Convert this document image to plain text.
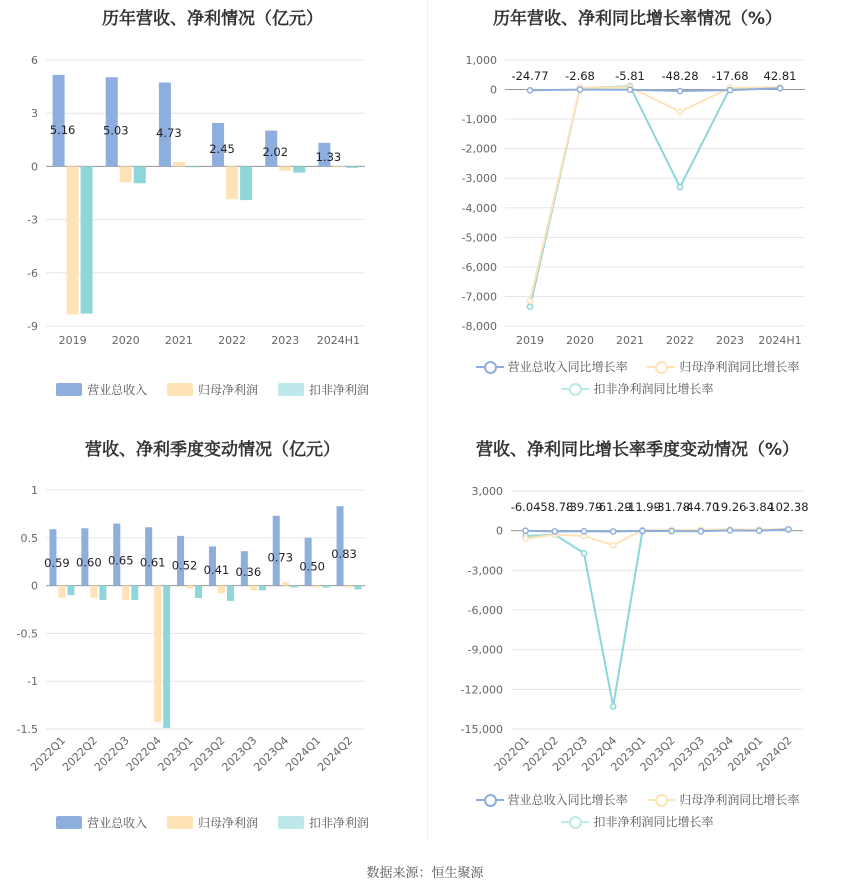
历年营收、净利情况（亿元）
6
3
0
-3
-6
-9
2019 2020 2021 2022 2023 2024H1
5.16 5.03 4.73
2.45 2.02 1.33
营业总收入	归母净利润	扣非净利润
历年营收、净利同比增长率情况（%）
1,000
0
-1,000
-2,000
-3,000
-4,000
-5,000
-6,000
-7,000
-8,000
2019 2020 2021 2022 2023 2024H1
-24.77 -2.68 -5.81 -48.28 -17.68 42.81
营业总收入同比增长率	归母净利润同比增长率

扣非净利润同比增长率
营收、净利季度变动情况（亿元）
1
0.5
0
-0.5
-1
-1.5
2022Q1
2022Q2
2022Q3
2022Q4
2023Q1
2023Q2
2023Q3
2023Q4
2024Q1
2024Q2
0.59 0.60 0.65 0.61 0.52 0.41 0.36
0.73
0.50
0.83
营业总收入	归母净利润	扣非净利润
营收、净利同比增长率季度变动情况（%）
3,000
0
-3,000
-6,000
-9,000
-12,000
-15,000
2022Q1
2022Q2
2022Q3
2022Q4
2023Q1
2023Q2
2023Q3
2023Q4
2024Q1
2024Q2
-6.04
-58.78
-39.79
-61.29
-11.99
-31.78
-44.70
19.26
-3.84
102.38
营业总收入同比增长率	归母净利润同比增长率

扣非净利润同比增长率
数据来源：恒生聚源
